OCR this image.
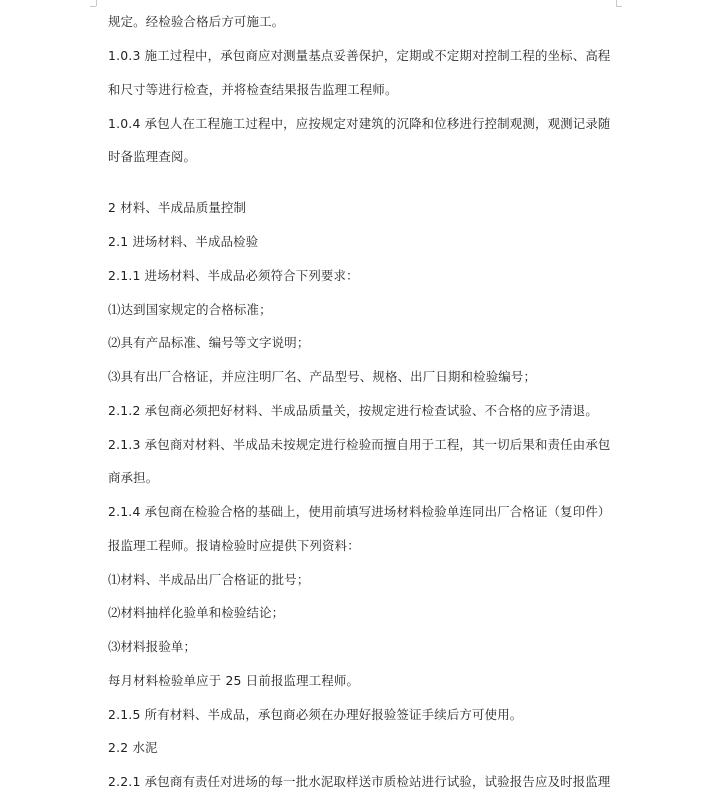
规定。经检验合格后方可施工。
1.0.3 施工过程中，承包商应对测量基点妥善保护，定期或不定期对控制工程的坐标、高程
和尺寸等进行检查，并将检查结果报告监理工程师。
1.0.4 承包人在工程施工过程中，应按规定对建筑的沉降和位移进行控制观测，观测记录随
时备监理查阅。
2 材料、半成品质量控制
2.1 进场材料、半成品检验
2.1.1 进场材料、半成品必须符合下列要求：
⑴达到国家规定的合格标准；
⑵具有产品标准、编号等文字说明；
⑶具有出厂合格证，并应注明厂名、产品型号、规格、出厂日期和检验编号；
2.1.2 承包商必须把好材料、半成品质量关，按规定进行检查试验、不合格的应予清退。
2.1.3 承包商对材料、半成品未按规定进行检验而擅自用于工程，其一切后果和责任由承包
商承担。
2.1.4 承包商在检验合格的基础上，使用前填写进场材料检验单连同出厂合格证（复印件）
报监理工程师。报请检验时应提供下列资料：
⑴材料、半成品出厂合格证的批号；
⑵材料抽样化验单和检验结论；
⑶材料报验单；
每月材料检验单应于 25 日前报监理工程师。
2.1.5 所有材料、半成品，承包商必须在办理好报验签证手续后方可使用。
2.2 水泥
2.2.1 承包商有责任对进场的每一批水泥取样送市质检站进行试验，试验报告应及时报监理
